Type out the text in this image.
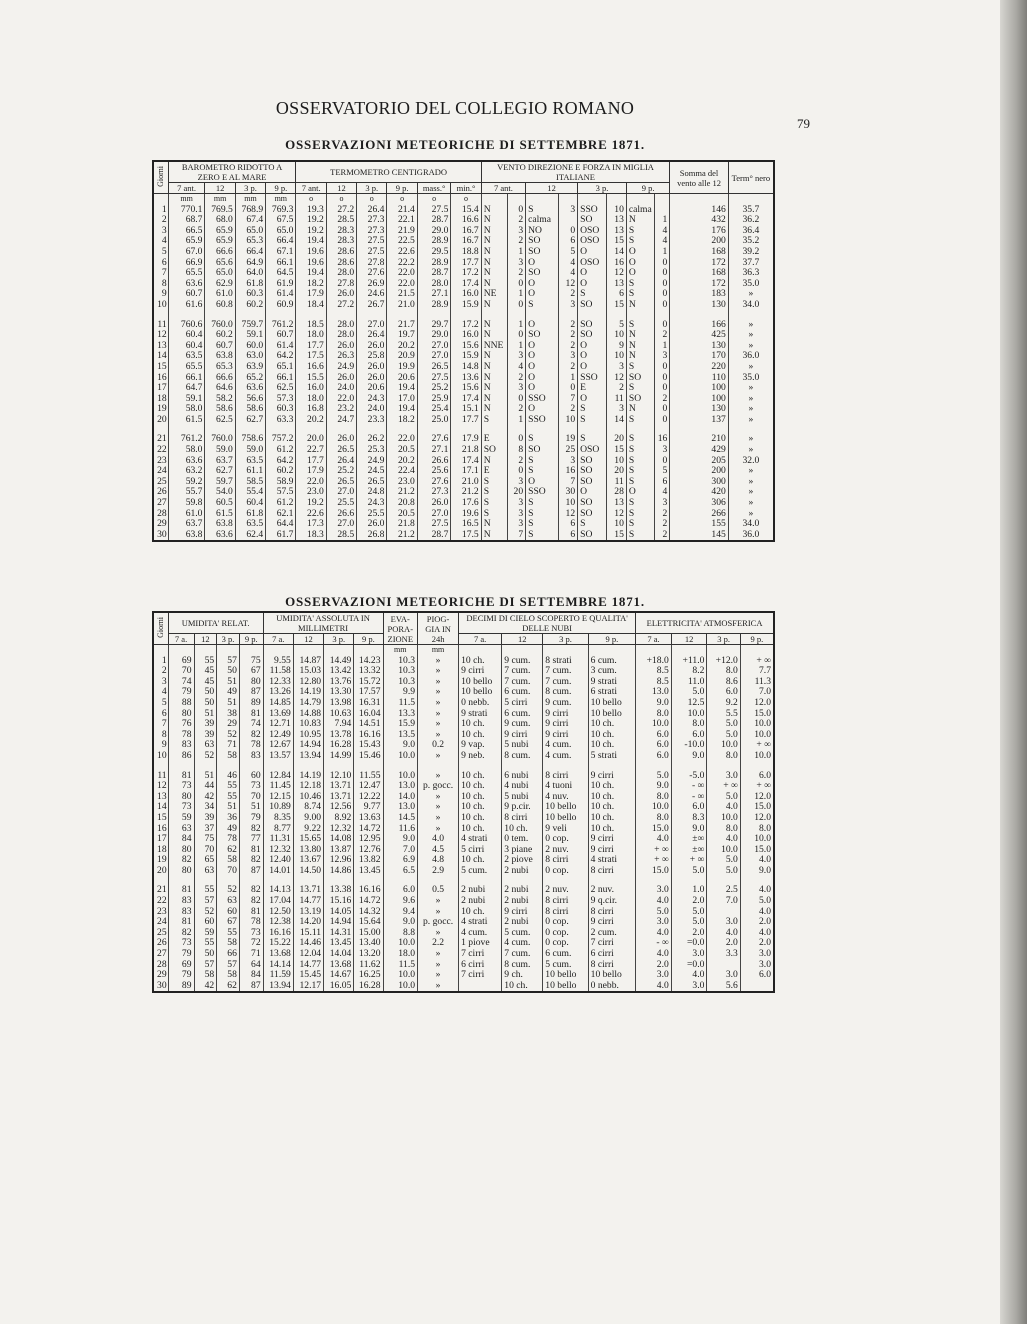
OSSERVATORIO DEL COLLEGIO ROMANO
79
OSSERVAZIONI METEORICHE DI SETTEMBRE 1871.
Giorni	BAROMETRO RIDOTTO A ZERO E AL MARE				TERMOMETRO CENTIGRADO						VENTO DIREZIONE E FORZA IN MIGLIA ITALIANE								Somma del vento alle 12	Term° nero
	7 ant.	12	3 p.	9 p.	7 ant.	12	3 p.	9 p.	mass.°	min.°	7 ant.		12		3 p.		9 p.			
	mm	mm	mm	mm	o	o	o	o	o	o										
1	770.1	769.5	768.9	769.3	19.3	27.2	26.4	21.4	27.5	15.4	N	0	S	3	SSO	10	calma		146	35.7
2	68.7	68.0	67.4	67.5	19.2	28.5	27.3	22.1	28.7	16.6	N	2	calma		SO	13	N	1	432	36.2
3	66.5	65.9	65.0	65.0	19.2	28.3	27.3	21.9	29.0	16.7	N	3	NO	0	OSO	13	S	4	176	36.4
4	65.9	65.9	65.3	66.4	19.4	28.3	27.5	22.5	28.9	16.7	N	2	SO	6	OSO	15	S	4	200	35.2
5	67.0	66.6	66.4	67.1	19.6	28.6	27.5	22.6	29.5	18.8	N	1	SO	5	O	14	O	1	168	39.2
6	66.9	65.6	64.9	66.1	19.6	28.6	27.8	22.2	28.9	17.7	N	3	O	4	OSO	16	O	0	172	37.7
7	65.5	65.0	64.0	64.5	19.4	28.0	27.6	22.0	28.7	17.2	N	2	SO	4	O	12	O	0	168	36.3
8	63.6	62.9	61.8	61.9	18.2	27.8	26.9	22.0	28.0	17.4	N	0	O	12	O	13	S	0	172	35.0
9	60.7	61.0	60.3	61.4	17.9	26.0	24.6	21.5	27.1	16.0	NE	1	O	2	S	6	S	0	183	»
10	61.6	60.8	60.2	60.9	18.4	27.2	26.7	21.0	28.9	15.9	N	0	S	3	SO	15	N	0	130	34.0

11	760.6	760.0	759.7	761.2	18.5	28.0	27.0	21.7	29.7	17.2	N	1	O	2	SO	5	S	0	166	»
12	60.4	60.2	59.1	60.7	18.0	28.0	26.4	19.7	29.0	16.0	N	0	SO	2	SO	10	N	2	425	»
13	60.4	60.7	60.0	61.4	17.7	26.0	26.0	20.2	27.0	15.6	NNE	1	O	2	O	9	N	1	130	»
14	63.5	63.8	63.0	64.2	17.5	26.3	25.8	20.9	27.0	15.9	N	3	O	3	O	10	N	3	170	36.0
15	65.5	65.3	63.9	65.1	16.6	24.9	26.0	19.9	26.5	14.8	N	4	O	2	O	3	S	0	220	»
16	66.1	66.6	65.2	66.1	15.5	26.0	26.0	20.6	27.5	13.6	N	2	O	1	SSO	12	SO	0	110	35.0
17	64.7	64.6	63.6	62.5	16.0	24.0	20.6	19.4	25.2	15.6	N	3	O	0	E	2	S	0	100	»
18	59.1	58.2	56.6	57.3	18.0	22.0	24.3	17.0	25.9	17.4	N	0	SSO	7	O	11	SO	2	100	»
19	58.0	58.6	58.6	60.3	16.8	23.2	24.0	19.4	25.4	15.1	N	2	O	2	S	3	N	0	130	»
20	61.5	62.5	62.7	63.3	20.2	24.7	23.3	18.2	25.0	17.7	S	1	SSO	10	S	14	S	0	137	»

21	761.2	760.0	758.6	757.2	20.0	26.0	26.2	22.0	27.6	17.9	E	0	S	19	S	20	S	16	210	»
22	58.0	59.0	59.0	61.2	22.7	26.5	25.3	20.5	27.1	21.8	SO	8	SO	25	OSO	15	S	3	429	»
23	63.6	63.7	63.5	64.2	17.7	26.4	24.9	20.2	26.6	17.4	N	2	S	3	SO	10	S	0	205	32.0
24	63.2	62.7	61.1	60.2	17.9	25.2	24.5	22.4	25.6	17.1	E	0	S	16	SO	20	S	5	200	»
25	59.2	59.7	58.5	58.9	22.0	26.5	26.5	23.0	27.6	21.0	S	3	O	7	SO	11	S	6	300	»
26	55.7	54.0	55.4	57.5	23.0	27.0	24.8	21.2	27.3	21.2	S	20	SSO	30	O	28	O	4	420	»
27	59.8	60.5	60.4	61.2	19.2	25.5	24.3	20.8	26.0	17.6	S	3	S	10	SO	13	S	3	306	»
28	61.0	61.5	61.8	62.1	22.6	26.6	25.5	20.5	27.0	19.6	S	3	S	12	SO	12	S	2	266	»
29	63.7	63.8	63.5	64.4	17.3	27.0	26.0	21.8	27.5	16.5	N	3	S	6	S	10	S	2	155	34.0
30	63.8	63.6	62.4	61.7	18.3	28.5	26.8	21.2	28.7	17.5	N	7	S	6	SO	15	S	2	145	36.0
OSSERVAZIONI METEORICHE DI SETTEMBRE 1871.
Giorni	UMIDITA' RELAT.				UMIDITA' ASSOLUTA IN MILLIMETRI				EVA- PORA- ZIONE	PIOG- GIA IN 24h	DECIMI DI CIELO SCOPERTO E QUALITA' DELLE NUBI				ELETTRICITA' ATMOSFERICA			
	7 a.	12	3 p.	9 p.	7 a.	12	3 p.	9 p.			7 a.	12	3 p.	9 p.	7 a.	12	3 p.	9 p.
									mm	mm								
1	69	55	57	75	9.55	14.87	14.49	14.23	10.3	»	10 ch.	9 cum.	8 strati	6 cum.	+18.0	+11.0	+12.0	+ ∞
2	70	45	50	67	11.58	15.03	13.42	13.32	10.3	»	9 cirri	7 cum.	7 cum.	3 cum.	8.5	8.2	8.0	7.7
3	74	45	51	80	12.33	12.80	13.76	15.72	10.3	»	10 bello	7 cum.	7 cum.	9 strati	8.5	11.0	8.6	11.3
4	79	50	49	87	13.26	14.19	13.30	17.57	9.9	»	10 bello	6 cum.	8 cum.	6 strati	13.0	5.0	6.0	7.0
5	88	50	51	89	14.85	14.79	13.98	16.31	11.5	»	0 nebb.	5 cirri	9 cum.	10 bello	9.0	12.5	9.2	12.0
6	80	51	38	81	13.69	14.88	10.63	16.04	13.3	»	9 strati	6 cum.	9 cirri	10 bello	8.0	10.0	5.5	15.0
7	76	39	29	74	12.71	10.83	7.94	14.51	15.9	»	10 ch.	9 cum.	9 cirri	10 ch.	10.0	8.0	5.0	10.0
8	78	39	52	82	12.49	10.95	13.78	16.16	13.5	»	10 ch.	9 cirri	9 cirri	10 ch.	6.0	6.0	5.0	10.0
9	83	63	71	78	12.67	14.94	16.28	15.43	9.0	0.2	9 vap.	5 nubi	4 cum.	10 ch.	6.0	-10.0	10.0	+ ∞
10	86	52	58	83	13.57	13.94	14.99	15.46	10.0	»	9 neb.	8 cum.	4 cum.	5 strati	6.0	9.0	8.0	10.0

11	81	51	46	60	12.84	14.19	12.10	11.55	10.0	»	10 ch.	6 nubi	8 cirri	9 cirri	5.0	-5.0	3.0	6.0
12	73	44	55	73	11.45	12.18	13.71	12.47	13.0	p. gocc.	10 ch.	4 nubi	4 tuoni	10 ch.	9.0	- ∞	+ ∞	+ ∞
13	80	42	55	70	12.15	10.46	13.71	12.22	14.0	»	10 ch.	5 nubi	4 nuv.	10 ch.	8.0	- ∞	5.0	12.0
14	73	34	51	51	10.89	8.74	12.56	9.77	13.0	»	10 ch.	9 p.cir.	10 bello	10 ch.	10.0	6.0	4.0	15.0
15	59	39	36	79	8.35	9.00	8.92	13.63	14.5	»	10 ch.	8 cirri	10 bello	10 ch.	8.0	8.3	10.0	12.0
16	63	37	49	82	8.77	9.22	12.32	14.72	11.6	»	10 ch.	10 ch.	9 veli	10 ch.	15.0	9.0	8.0	8.0
17	84	75	78	77	11.31	15.65	14.08	12.95	9.0	4.0	4 strati	0 tem.	0 cop.	9 cirri	4.0	±∞	4.0	10.0
18	80	70	62	81	12.32	13.80	13.87	12.76	7.0	4.5	5 cirri	3 piane	2 nuv.	9 cirri	+ ∞	±∞	10.0	15.0
19	82	65	58	82	12.40	13.67	12.96	13.82	6.9	4.8	10 ch.	2 piove	8 cirri	4 strati	+ ∞	+ ∞	5.0	4.0
20	80	63	70	87	14.01	14.50	14.86	13.45	6.5	2.9	5 cum.	2 nubi	0 cop.	8 cirri	15.0	5.0	5.0	9.0

21	81	55	52	82	14.13	13.71	13.38	16.16	6.0	0.5	2 nubi	2 nubi	2 nuv.	2 nuv.	3.0	1.0	2.5	4.0
22	83	57	63	82	17.04	14.77	15.16	14.72	9.6	»	2 nubi	2 nubi	8 cirri	9 q.cir.	4.0	2.0	7.0	5.0
23	83	52	60	81	12.50	13.19	14.05	14.32	9.4	»	10 ch.	9 cirri	8 cirri	8 cirri	5.0	5.0		4.0
24	81	60	67	78	12.38	14.20	14.94	15.64	9.0	p. gocc.	4 strati	2 nubi	0 cop.	9 cirri	3.0	5.0	3.0	2.0
25	82	59	55	73	16.16	15.11	14.31	15.00	8.8	»	4 cum.	5 cum.	0 cop.	2 cum.	4.0	2.0	4.0	4.0
26	73	55	58	72	15.22	14.46	13.45	13.40	10.0	2.2	1 piove	4 cum.	0 cop.	7 cirri	- ∞	=0.0	2.0	2.0
27	79	50	66	71	13.68	12.04	14.04	13.20	18.0	»	7 cirri	7 cum.	6 cum.	6 cirri	4.0	3.0	3.3	3.0
28	69	57	57	64	14.14	14.77	13.68	11.62	11.5	»	6 cirri	8 cum.	5 cum.	8 cirri	2.0	=0.0		3.0
29	79	58	58	84	11.59	15.45	14.67	16.25	10.0	»	7 cirri	9 ch.	10 bello	10 bello	3.0	4.0	3.0	6.0
30	89	42	62	87	13.94	12.17	16.05	16.28	10.0	»		10 ch.	10 bello	0 nebb.	4.0	3.0	5.6	
